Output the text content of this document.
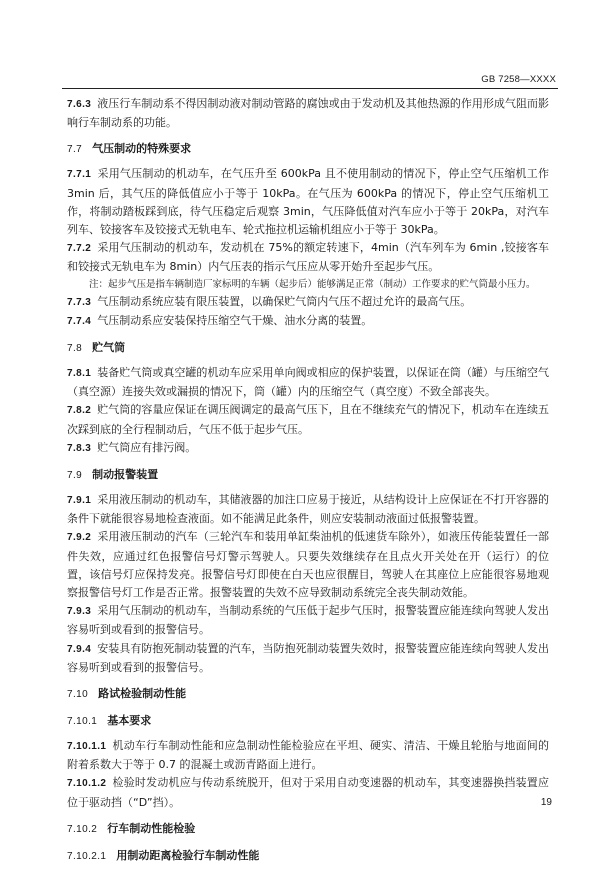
GB 7258—XXXX
7.6.3 液压行车制动系不得因制动液对制动管路的腐蚀或由于发动机及其他热源的作用形成气阻而影响行车制动系的功能。
7.7 气压制动的特殊要求
7.7.1 采用气压制动的机动车，在气压升至 600kPa 且不使用制动的情况下，停止空气压缩机工作3min 后，其气压的降低值应小于等于 10kPa。在气压为 600kPa 的情况下，停止空气压缩机工作，将制动踏板踩到底，待气压稳定后观察 3min，气压降低值对汽车应小于等于 20kPa，对汽车列车、铰接客车及铰接式无轨电车、轮式拖拉机运输机组应小于等于 30kPa。
7.7.2 采用气压制动的机动车，发动机在 75%的额定转速下，4min（汽车列车为 6min ,铰接客车和铰接式无轨电车为 8min）内气压表的指示气压应从零开始升至起步气压。
注：起步气压是指车辆制造厂家标明的车辆（起步后）能够满足正常（制动）工作要求的贮气筒最小压力。
7.7.3 气压制动系统应装有限压装置，以确保贮气筒内气压不超过允许的最高气压。
7.7.4 气压制动系应安装保持压缩空气干燥、油水分离的装置。
7.8 贮气筒
7.8.1 装备贮气筒或真空罐的机动车应采用单向阀或相应的保护装置，以保证在筒（罐）与压缩空气（真空源）连接失效或漏损的情况下，筒（罐）内的压缩空气（真空度）不致全部丧失。
7.8.2 贮气筒的容量应保证在调压阀调定的最高气压下，且在不继续充气的情况下，机动车在连续五次踩到底的全行程制动后，气压不低于起步气压。
7.8.3 贮气筒应有排污阀。
7.9 制动报警装置
7.9.1 采用液压制动的机动车，其储液器的加注口应易于接近，从结构设计上应保证在不打开容器的条件下就能很容易地检查液面。如不能满足此条件，则应安装制动液面过低报警装置。
7.9.2 采用液压制动的汽车（三轮汽车和装用单缸柴油机的低速货车除外），如液压传能装置任一部件失效，应通过红色报警信号灯警示驾驶人。只要失效继续存在且点火开关处在开（运行）的位置，该信号灯应保持发亮。报警信号灯即使在白天也应很醒目，驾驶人在其座位上应能很容易地观察报警信号灯工作是否正常。报警装置的失效不应导致制动系统完全丧失制动效能。
7.9.3 采用气压制动的机动车，当制动系统的气压低于起步气压时，报警装置应能连续向驾驶人发出容易听到或看到的报警信号。
7.9.4 安装具有防抱死制动装置的汽车，当防抱死制动装置失效时，报警装置应能连续向驾驶人发出容易听到或看到的报警信号。
7.10 路试检验制动性能
7.10.1 基本要求
7.10.1.1 机动车行车制动性能和应急制动性能检验应在平坦、硬实、清洁、干燥且轮胎与地面间的附着系数大于等于 0.7 的混凝土或沥青路面上进行。
7.10.1.2 检验时发动机应与传动系统脱开，但对于采用自动变速器的机动车，其变速器换挡装置应位于驱动挡（“D”挡）。
7.10.2 行车制动性能检验
7.10.2.1 用制动距离检验行车制动性能
19
